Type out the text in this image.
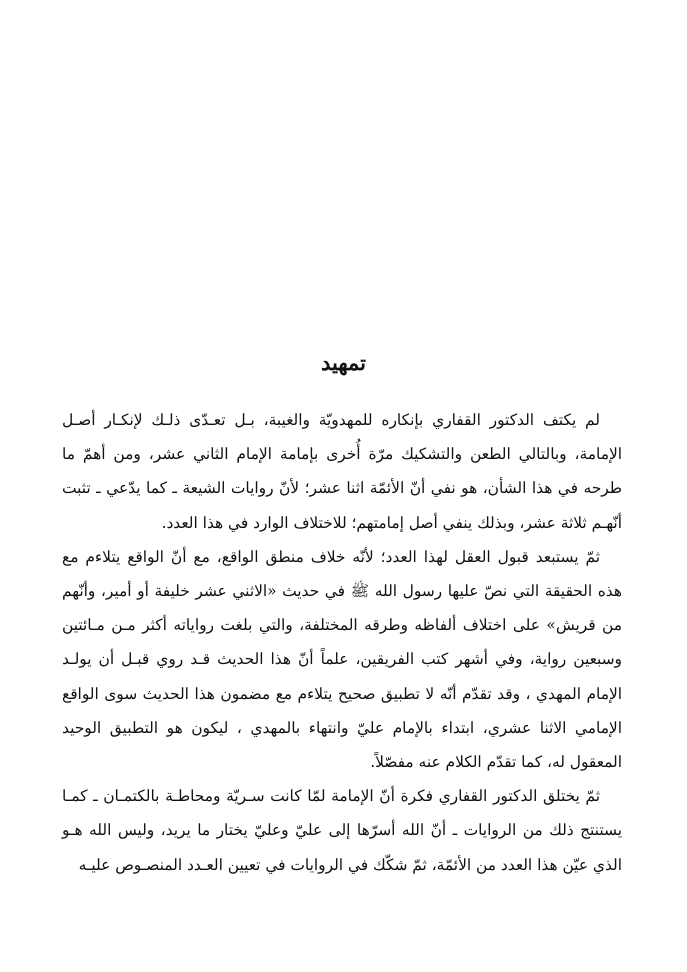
تمهيد

لم يكتف الدكتور القفاري بإنكاره للمهدويّة والغيبة، بـل تعـدّى ذلـك لإنكـار أصـل الإمامة، وبالتالي الطعن والتشكيك مرّة أُخرى بإمامة الإمام الثاني عشر، ومن أهمّ ما طرحه في هذا الشأن، هو نفي أنّ الأئمّة اثنا عشر؛ لأنّ روايات الشيعة ـ كما يدّعي ـ تثبت أنّهـم ثلاثة عشر، وبذلك ينفي أصل إمامتهم؛ للاختلاف الوارد في هذا العدد.

ثمّ يستبعد قبول العقل لهذا العدد؛ لأنّه خلاف منطق الواقع، مع أنّ الواقع يتلاءم مع هذه الحقيقة التي نصّ عليها رسول الله ﷺ في حديث «الاثني عشر خليفة أو أمير، وأنّهم من قريش» على اختلاف ألفاظه وطرقه المختلفة، والتي بلغت رواياته أكثر مـن مـائتين وسبعين رواية، وفي أشهر كتب الفريقين، علماً أنّ هذا الحديث قـد روي قبـل أن يولـد الإمام المهدي ، وقد تقدّم أنّه لا تطبيق صحيح يتلاءم مع مضمون هذا الحديث سوى الواقع الإمامي الاثنا عشري، ابتداء بالإمام عليّ وانتهاء بالمهدي ، ليكون هو التطبيق الوحيد المعقول له، كما تقدّم الكلام عنه مفصّلاً.

ثمّ يختلق الدكتور القفاري فكرة أنّ الإمامة لمّا كانت سـريّة ومحاطـة بالكتمـان ـ كمـا يستنتج ذلك من الروايات ـ أنّ الله أسرّها إلى عليّ وعليّ يختار ما يريد، وليس الله هـو الذي عيّن هذا العدد من الأئمّة، ثمّ شكّك في الروايات في تعيين العـدد المنصـوص عليـه
